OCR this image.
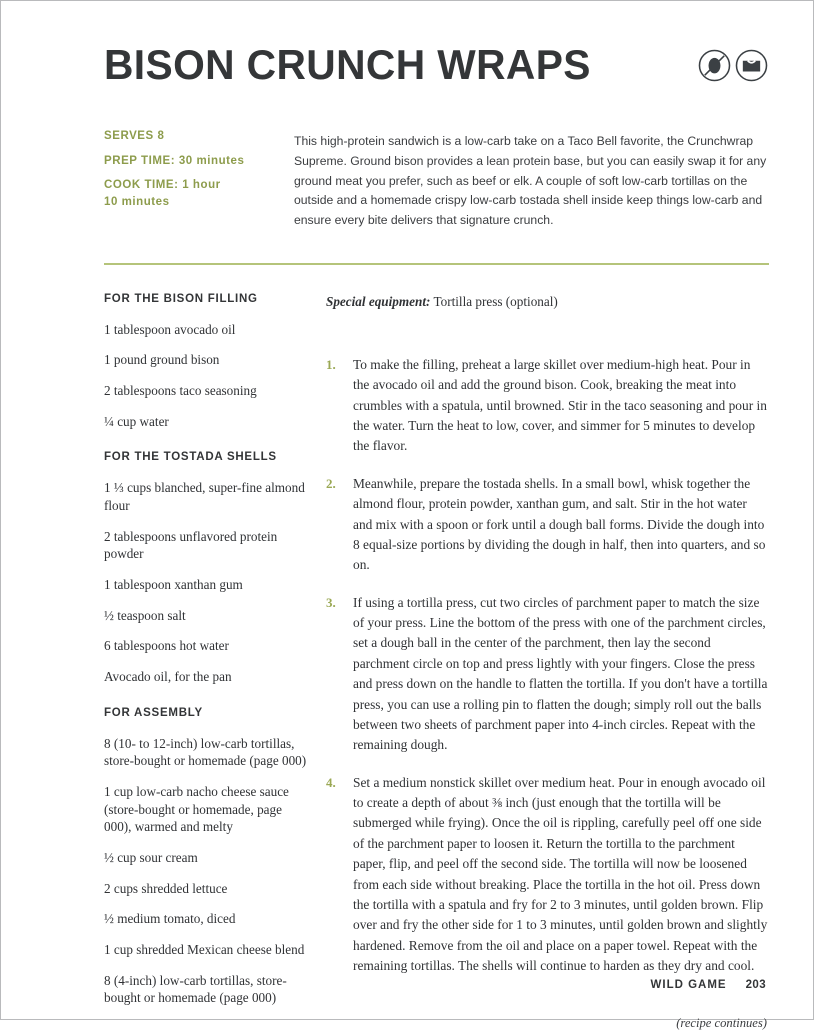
BISON CRUNCH WRAPS
SERVES 8
PREP TIME: 30 minutes
COOK TIME: 1 hour
10 minutes

This high-protein sandwich is a low-carb take on a Taco Bell favorite, the Crunchwrap Supreme. Ground bison provides a lean protein base, but you can easily swap it for any ground meat you prefer, such as beef or elk. A couple of soft low-carb tortillas on the outside and a homemade crispy low-carb tostada shell inside keep things low-carb and ensure every bite delivers that signature crunch.

FOR THE BISON FILLING

1 tablespoon avocado oil

1 pound ground bison

2 tablespoons taco seasoning

¼ cup water

FOR THE TOSTADA SHELLS

1 ⅓ cups blanched, super-fine almond flour

2 tablespoons unflavored protein powder

1 tablespoon xanthan gum

½ teaspoon salt

6 tablespoons hot water

Avocado oil, for the pan

FOR ASSEMBLY

8 (10- to 12-inch) low-carb tortillas, store-bought or homemade (page 000)

1 cup low-carb nacho cheese sauce (store-bought or homemade, page 000), warmed and melty

½ cup sour cream

2 cups shredded lettuce

½ medium tomato, diced

1 cup shredded Mexican cheese blend

8 (4-inch) low-carb tortillas, store-bought or homemade (page 000)

Special equipment: Tortilla press (optional)

1.	To make the filling, preheat a large skillet over medium-high heat. Pour in the avocado oil and add the ground bison. Cook, breaking the meat into crumbles with a spatula, until browned. Stir in the taco seasoning and pour in the water. Turn the heat to low, cover, and simmer for 5 minutes to develop the flavor.

2.	Meanwhile, prepare the tostada shells. In a small bowl, whisk together the almond flour, protein powder, xanthan gum, and salt. Stir in the hot water and mix with a spoon or fork until a dough ball forms. Divide the dough into 8 equal-size portions by dividing the dough in half, then into quarters, and so on.

3.	If using a tortilla press, cut two circles of parchment paper to match the size of your press. Line the bottom of the press with one of the parchment circles, set a dough ball in the center of the parchment, then lay the second parchment circle on top and press lightly with your fingers. Close the press and press down on the handle to flatten the tortilla. If you don't have a tortilla press, you can use a rolling pin to flatten the dough; simply roll out the balls between two sheets of parchment paper into 4-inch circles. Repeat with the remaining dough.

4.	Set a medium nonstick skillet over medium heat. Pour in enough avocado oil to create a depth of about ⅜ inch (just enough that the tortilla will be submerged while frying). Once the oil is rippling, carefully peel off one side of the parchment paper to loosen it. Return the tortilla to the parchment paper, flip, and peel off the second side. The tortilla will now be loosened from each side without breaking. Place the tortilla in the hot oil. Press down the tortilla with a spatula and fry for 2 to 3 minutes, until golden brown. Flip over and fry the other side for 1 to 3 minutes, until golden brown and slightly hardened. Remove from the oil and place on a paper towel. Repeat with the remaining tortillas. The shells will continue to harden as they dry and cool.

(recipe continues)
WILD GAME 203
